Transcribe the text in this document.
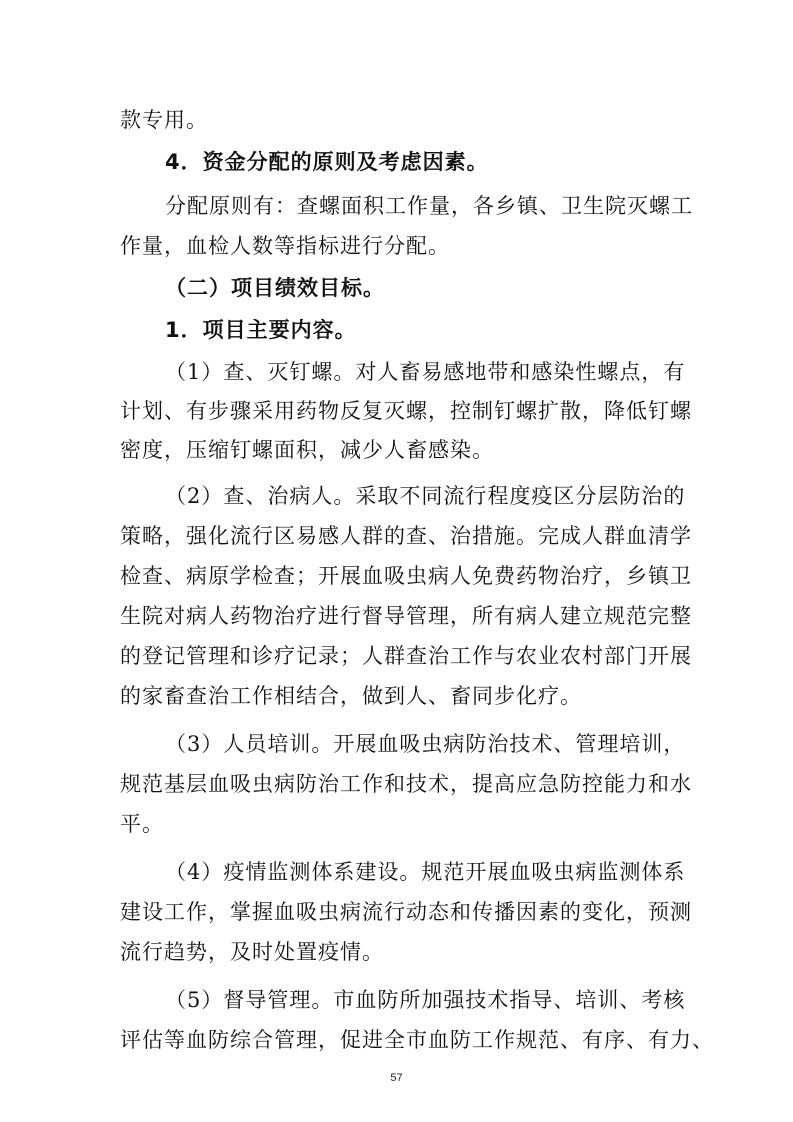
款专用。
4．资金分配的原则及考虑因素。
分配原则有：查螺面积工作量，各乡镇、卫生院灭螺工
作量，血检人数等指标进行分配。
（二）项目绩效目标。
1．项目主要内容。
（1）查、灭钉螺。对人畜易感地带和感染性螺点，有
计划、有步骤采用药物反复灭螺，控制钉螺扩散，降低钉螺
密度，压缩钉螺面积，减少人畜感染。
（2）查、治病人。采取不同流行程度疫区分层防治的
策略，强化流行区易感人群的查、治措施。完成人群血清学
检查、病原学检查；开展血吸虫病人免费药物治疗，乡镇卫
生院对病人药物治疗进行督导管理，所有病人建立规范完整
的登记管理和诊疗记录；人群查治工作与农业农村部门开展
的家畜查治工作相结合，做到人、畜同步化疗。
（3）人员培训。开展血吸虫病防治技术、管理培训，
规范基层血吸虫病防治工作和技术，提高应急防控能力和水
平。
（4）疫情监测体系建设。规范开展血吸虫病监测体系
建设工作，掌握血吸虫病流行动态和传播因素的变化，预测
流行趋势，及时处置疫情。
（5）督导管理。市血防所加强技术指导、培训、考核
评估等血防综合管理，促进全市血防工作规范、有序、有力、
57
